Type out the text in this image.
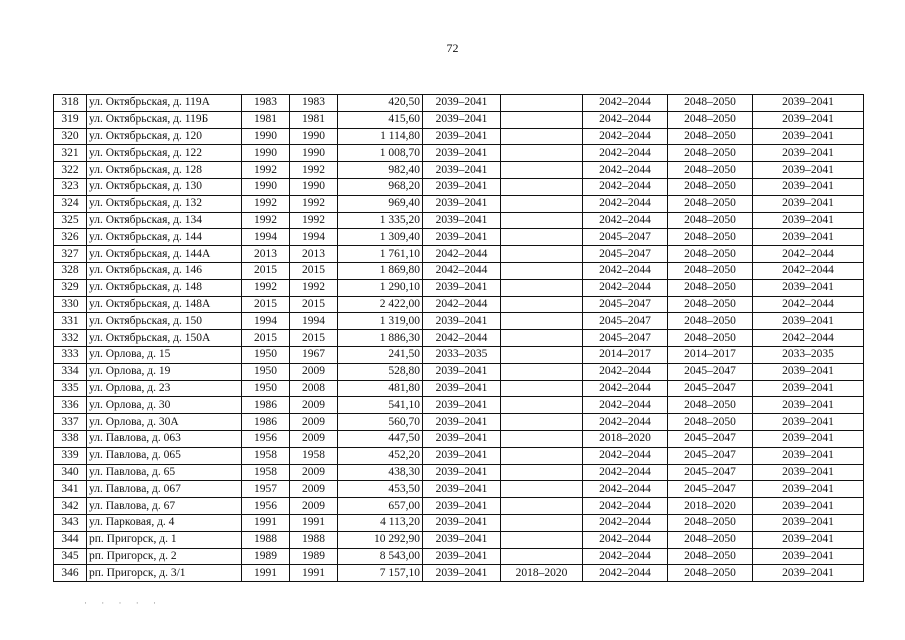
72
318	ул. Октябрьская, д. 119А	1983	1983	420,50	2039–2041		2042–2044	2048–2050	2039–2041
319	ул. Октябрьская, д. 119Б	1981	1981	415,60	2039–2041		2042–2044	2048–2050	2039–2041
320	ул. Октябрьская, д. 120	1990	1990	1 114,80	2039–2041		2042–2044	2048–2050	2039–2041
321	ул. Октябрьская, д. 122	1990	1990	1 008,70	2039–2041		2042–2044	2048–2050	2039–2041
322	ул. Октябрьская, д. 128	1992	1992	982,40	2039–2041		2042–2044	2048–2050	2039–2041
323	ул. Октябрьская, д. 130	1990	1990	968,20	2039–2041		2042–2044	2048–2050	2039–2041
324	ул. Октябрьская, д. 132	1992	1992	969,40	2039–2041		2042–2044	2048–2050	2039–2041
325	ул. Октябрьская, д. 134	1992	1992	1 335,20	2039–2041		2042–2044	2048–2050	2039–2041
326	ул. Октябрьская, д. 144	1994	1994	1 309,40	2039–2041		2045–2047	2048–2050	2039–2041
327	ул. Октябрьская, д. 144А	2013	2013	1 761,10	2042–2044		2045–2047	2048–2050	2042–2044
328	ул. Октябрьская, д. 146	2015	2015	1 869,80	2042–2044		2042–2044	2048–2050	2042–2044
329	ул. Октябрьская, д. 148	1992	1992	1 290,10	2039–2041		2042–2044	2048–2050	2039–2041
330	ул. Октябрьская, д. 148А	2015	2015	2 422,00	2042–2044		2045–2047	2048–2050	2042–2044
331	ул. Октябрьская, д. 150	1994	1994	1 319,00	2039–2041		2045–2047	2048–2050	2039–2041
332	ул. Октябрьская, д. 150А	2015	2015	1 886,30	2042–2044		2045–2047	2048–2050	2042–2044
333	ул. Орлова, д. 15	1950	1967	241,50	2033–2035		2014–2017	2014–2017	2033–2035
334	ул. Орлова, д. 19	1950	2009	528,80	2039–2041		2042–2044	2045–2047	2039–2041
335	ул. Орлова, д. 23	1950	2008	481,80	2039–2041		2042–2044	2045–2047	2039–2041
336	ул. Орлова, д. 30	1986	2009	541,10	2039–2041		2042–2044	2048–2050	2039–2041
337	ул. Орлова, д. 30А	1986	2009	560,70	2039–2041		2042–2044	2048–2050	2039–2041
338	ул. Павлова, д. 063	1956	2009	447,50	2039–2041		2018–2020	2045–2047	2039–2041
339	ул. Павлова, д. 065	1958	1958	452,20	2039–2041		2042–2044	2045–2047	2039–2041
340	ул. Павлова, д. 65	1958	2009	438,30	2039–2041		2042–2044	2045–2047	2039–2041
341	ул. Павлова, д. 067	1957	2009	453,50	2039–2041		2042–2044	2045–2047	2039–2041
342	ул. Павлова, д. 67	1956	2009	657,00	2039–2041		2042–2044	2018–2020	2039–2041
343	ул. Парковая, д. 4	1991	1991	4 113,20	2039–2041		2042–2044	2048–2050	2039–2041
344	рп. Пригорск, д. 1	1988	1988	10 292,90	2039–2041		2042–2044	2048–2050	2039–2041
345	рп. Пригорск, д. 2	1989	1989	8 543,00	2039–2041		2042–2044	2048–2050	2039–2041
346	рп. Пригорск, д. 3/1	1991	1991	7 157,10	2039–2041	2018–2020	2042–2044	2048–2050	2039–2041
· · · · ·
